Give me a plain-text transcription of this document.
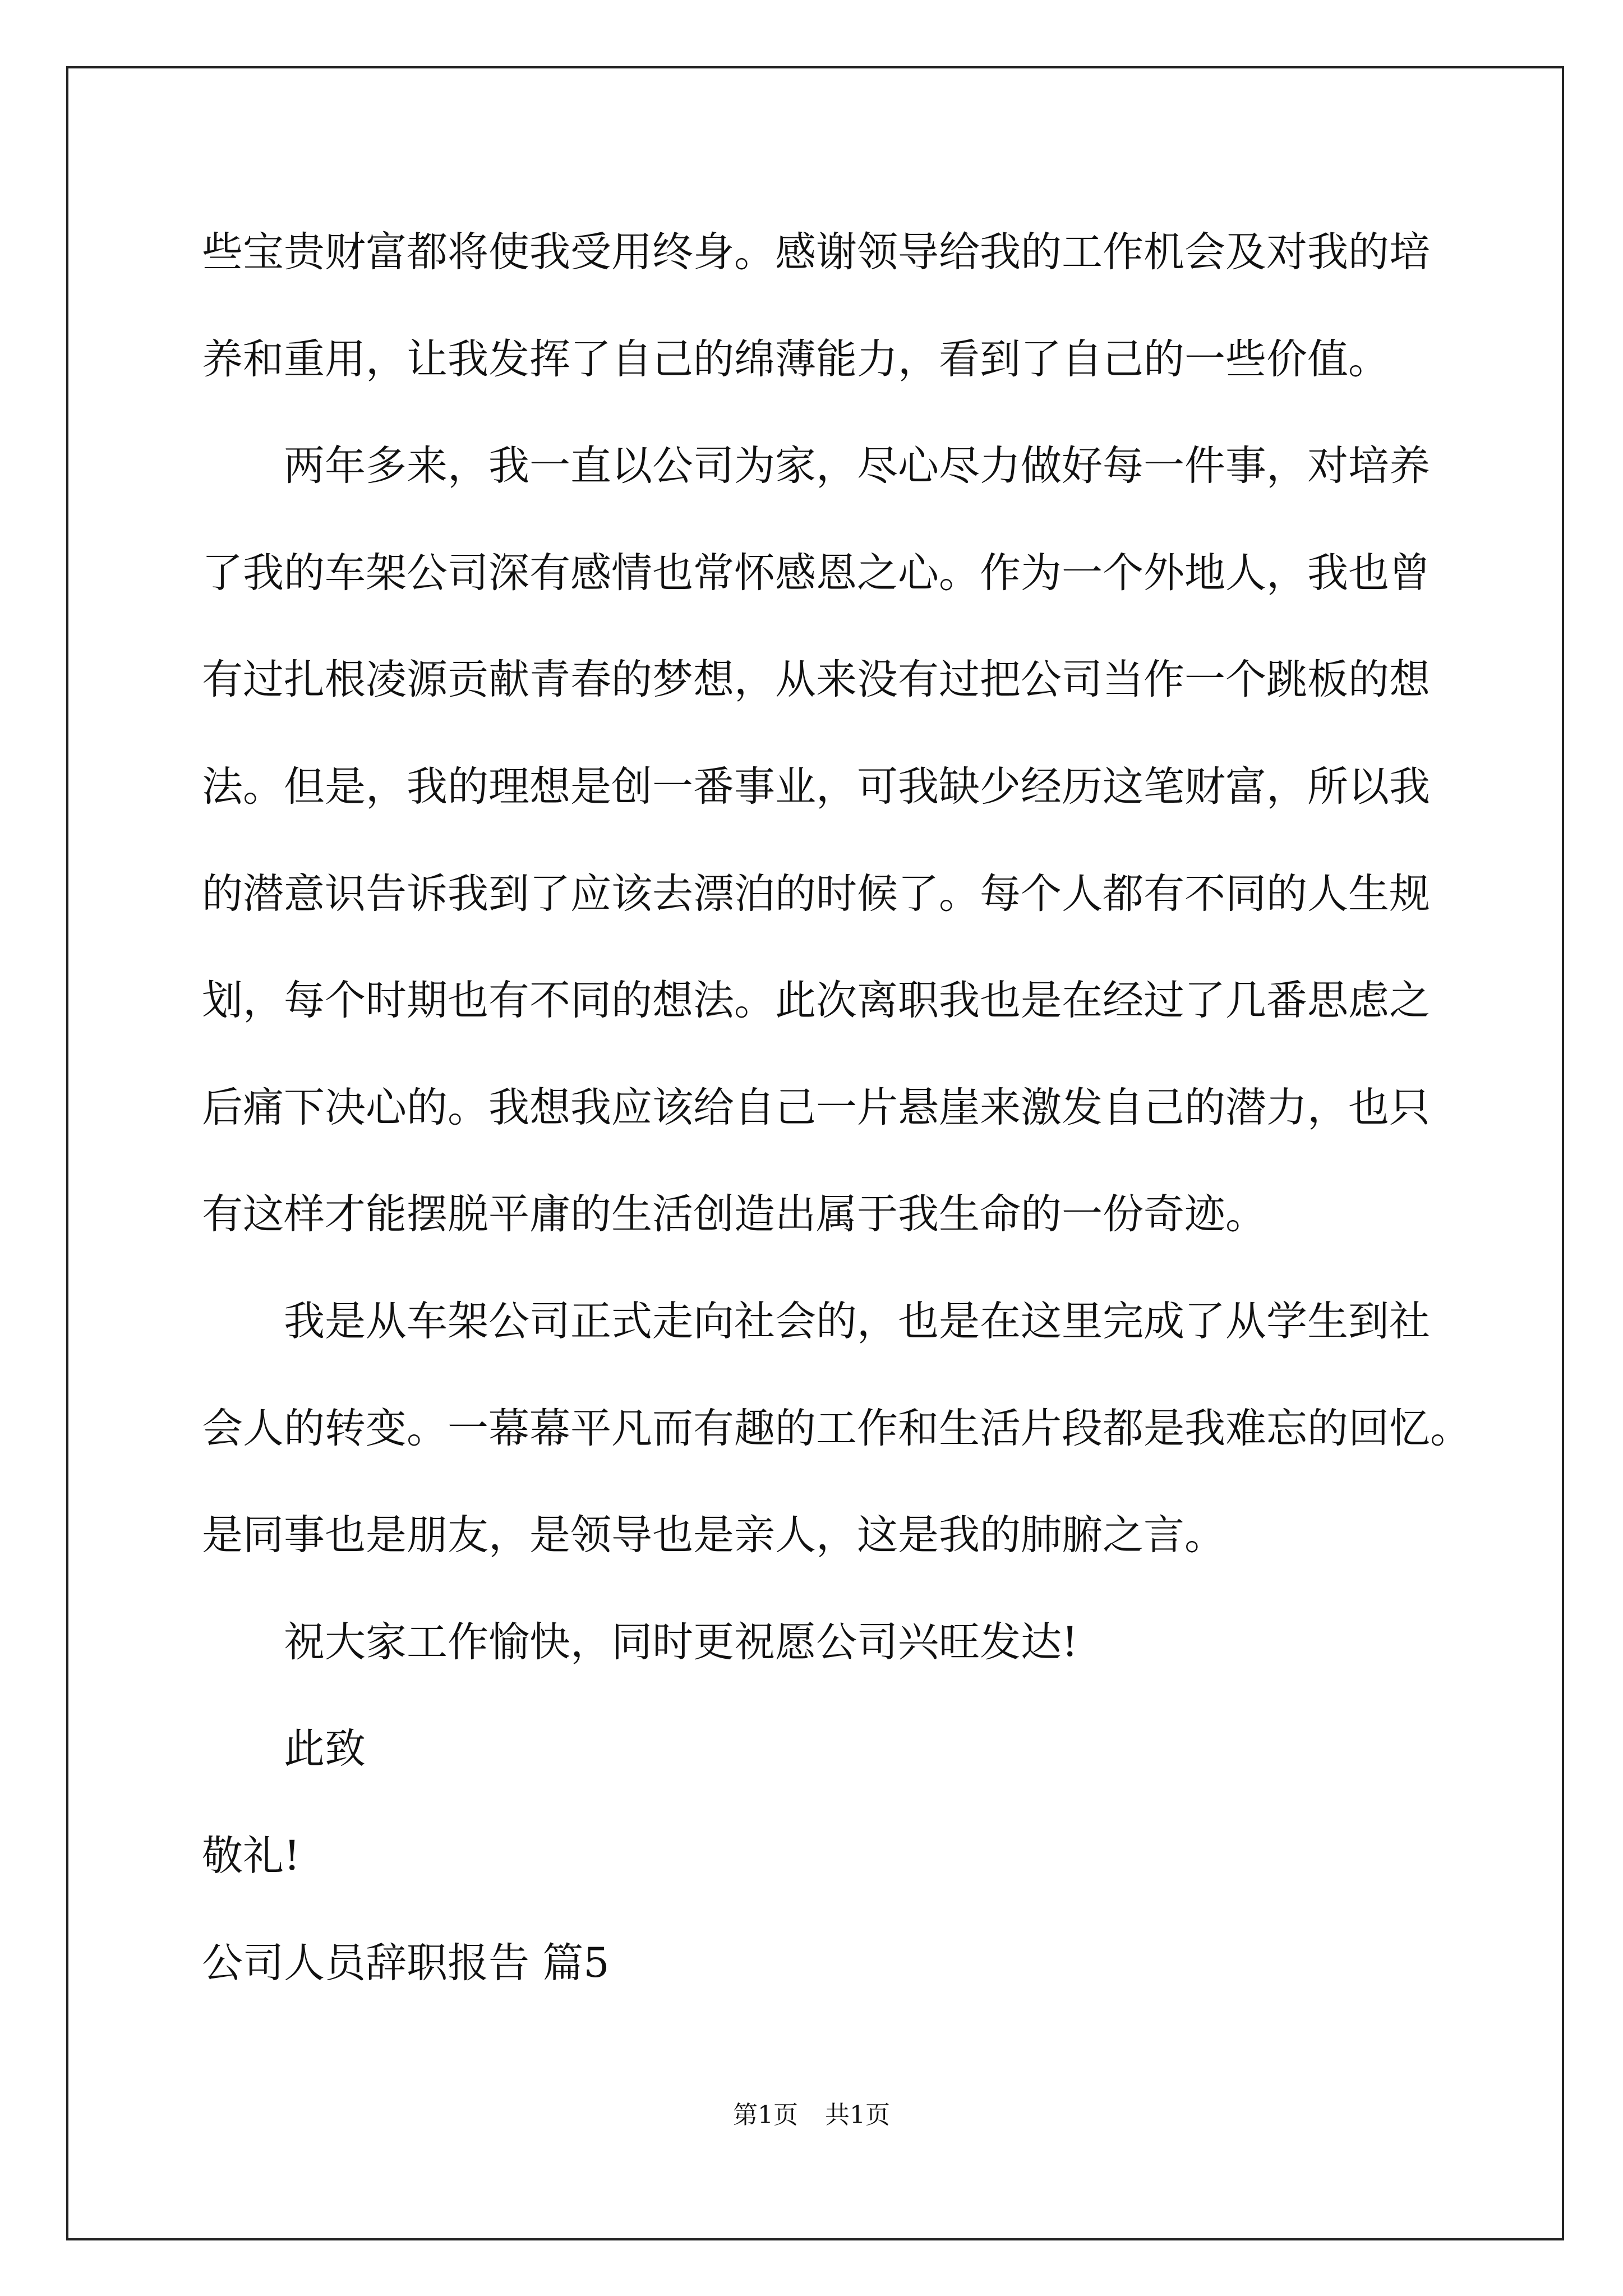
些宝贵财富都将使我受用终身。感谢领导给我的工作机会及对我的培
养和重用，让我发挥了自己的绵薄能力，看到了自己的一些价值。
两年多来，我一直以公司为家，尽心尽力做好每一件事，对培养
了我的车架公司深有感情也常怀感恩之心。作为一个外地人，我也曾
有过扎根凌源贡献青春的梦想，从来没有过把公司当作一个跳板的想
法。但是，我的理想是创一番事业，可我缺少经历这笔财富，所以我
的潜意识告诉我到了应该去漂泊的时候了。每个人都有不同的人生规
划，每个时期也有不同的想法。此次离职我也是在经过了几番思虑之
后痛下决心的。我想我应该给自己一片悬崖来激发自己的潜力，也只
有这样才能摆脱平庸的生活创造出属于我生命的一份奇迹。
我是从车架公司正式走向社会的，也是在这里完成了从学生到社
会人的转变。一幕幕平凡而有趣的工作和生活片段都是我难忘的回忆。
是同事也是朋友，是领导也是亲人，这是我的肺腑之言。
祝大家工作愉快，同时更祝愿公司兴旺发达!
此致
敬礼!
公司人员辞职报告 篇5
第1页 共1页
